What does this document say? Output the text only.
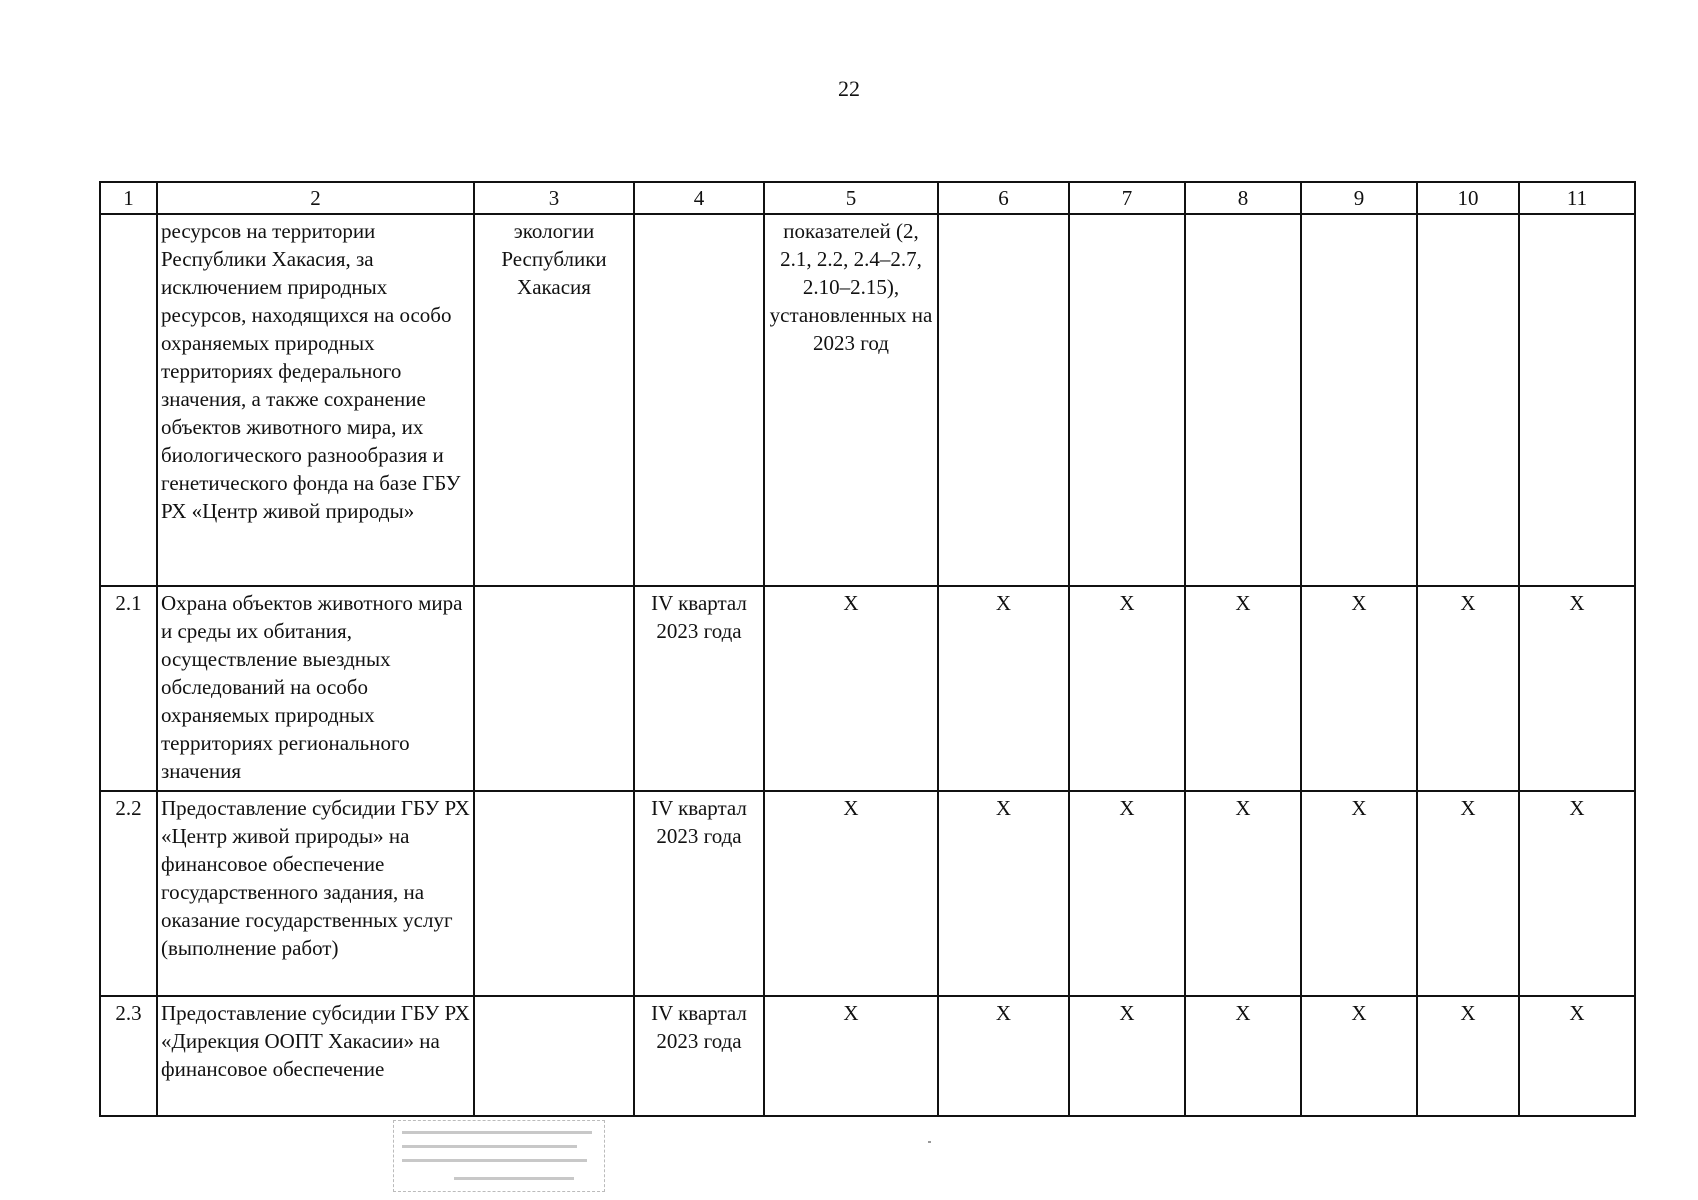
22
1	2	3	4	5	6	7	8	9	10	11
	ресурсов на территории Республики Хакасия, за исключением природных ресурсов, находящихся на особо охраняемых природных территориях федерального значения, а также сохранение объектов животного мира, их биологического разнообразия и генетического фонда на базе ГБУ РХ «Центр живой природы»	экологии Республики Хакасия		показателей (2, 2.1, 2.2, 2.4–2.7, 2.10–2.15), установленных на 2023 год						
2.1	Охрана объектов животного мира и среды их обитания, осуществление выездных обследований на особо охраняемых природных территориях регионального значения		IV квартал 2023 года	X	X	X	X	X	X	X
2.2	Предоставление субсидии ГБУ РХ «Центр живой природы» на финансовое обеспечение государственного задания, на оказание государственных услуг (выполнение работ)		IV квартал 2023 года	X	X	X	X	X	X	X
2.3	Предоставление субсидии ГБУ РХ «Дирекция ООПТ Хакасии» на финансовое обеспечение		IV квартал 2023 года	X	X	X	X	X	X	X
